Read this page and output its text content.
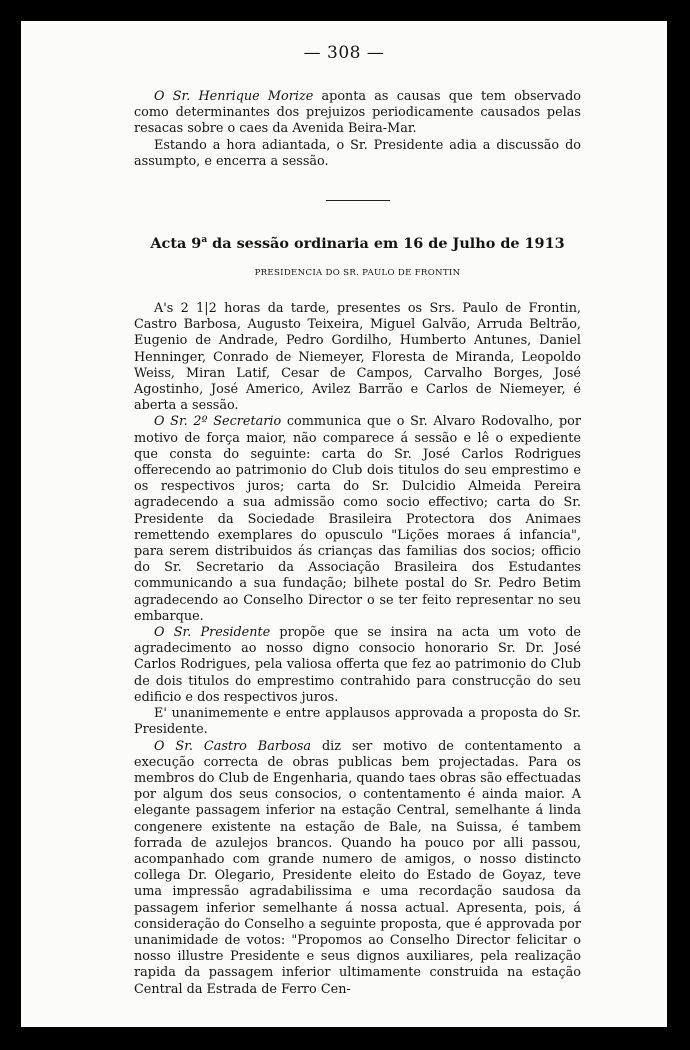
— 308 —

O Sr. Henrique Morize aponta as causas que tem observado como determinantes dos prejuizos periodicamente causados pelas resacas sobre o caes da Avenida Beira-Mar.

Estando a hora adiantada, o Sr. Presidente adia a discussão do assumpto, e encerra a sessão.

Acta 9$^a$ da sessão ordinaria em 16 de Julho de 1913
PRESIDENCIA DO SR. PAULO DE FRONTIN

A's 2 1|2 horas da tarde, presentes os Srs. Paulo de Frontin, Castro Barbosa, Augusto Teixeira, Miguel Galvão, Arruda Beltrão, Eugenio de Andrade, Pedro Gordilho, Humberto Antunes, Daniel Henninger, Conrado de Niemeyer, Floresta de Miranda, Leopoldo Weiss, Miran Latif, Cesar de Campos, Carvalho Borges, José Agostinho, José Americo, Avilez Barrão e Carlos de Niemeyer, é aberta a sessão.

O Sr. 2º Secretario communica que o Sr. Alvaro Rodovalho, por motivo de força maior, não comparece á sessão e lê o expediente que consta do seguinte: carta do Sr. José Carlos Rodrigues offerecendo ao patrimonio do Club dois titulos do seu emprestimo e os respectivos juros; carta do Sr. Dulcidio Almeida Pereira agradecendo a sua admissão como socio effectivo; carta do Sr. Presidente da Sociedade Brasileira Protectora dos Animaes remettendo exemplares do opusculo "Lições moraes á infancia", para serem distribuidos ás crianças das familias dos socios; officio do Sr. Secretario da Associação Brasileira dos Estudantes communicando a sua fundação; bilhete postal do Sr. Pedro Betim agradecendo ao Conselho Director o se ter feito representar no seu embarque.

O Sr. Presidente propõe que se insira na acta um voto de agradecimento ao nosso digno consocio honorario Sr. Dr. José Carlos Rodrigues, pela valiosa offerta que fez ao patrimonio do Club de dois titulos do emprestimo contrahido para construcção do seu edificio e dos respectivos juros.

E' unanimemente e entre applausos approvada a proposta do Sr. Presidente.

O Sr. Castro Barbosa diz ser motivo de contentamento a execução correcta de obras publicas bem projectadas. Para os membros do Club de Engenharia, quando taes obras são effectuadas por algum dos seus consocios, o contentamento é ainda maior. A elegante passagem inferior na estação Central, semelhante á linda congenere existente na estação de Bale, na Suissa, é tambem forrada de azulejos brancos. Quando ha pouco por alli passou, acompanhado com grande numero de amigos, o nosso distincto collega Dr. Olegario, Presidente eleito do Estado de Goyaz, teve uma impressão agradabilissima e uma recordação saudosa da passagem inferior semelhante á nossa actual. Apresenta, pois, á consideração do Conselho a seguinte proposta, que é approvada por unanimidade de votos: "Propomos ao Conselho Director felicitar o nosso illustre Presidente e seus dignos auxiliares, pela realização rapida da passagem inferior ultimamente construida na estação Central da Estrada de Ferro Cen-
